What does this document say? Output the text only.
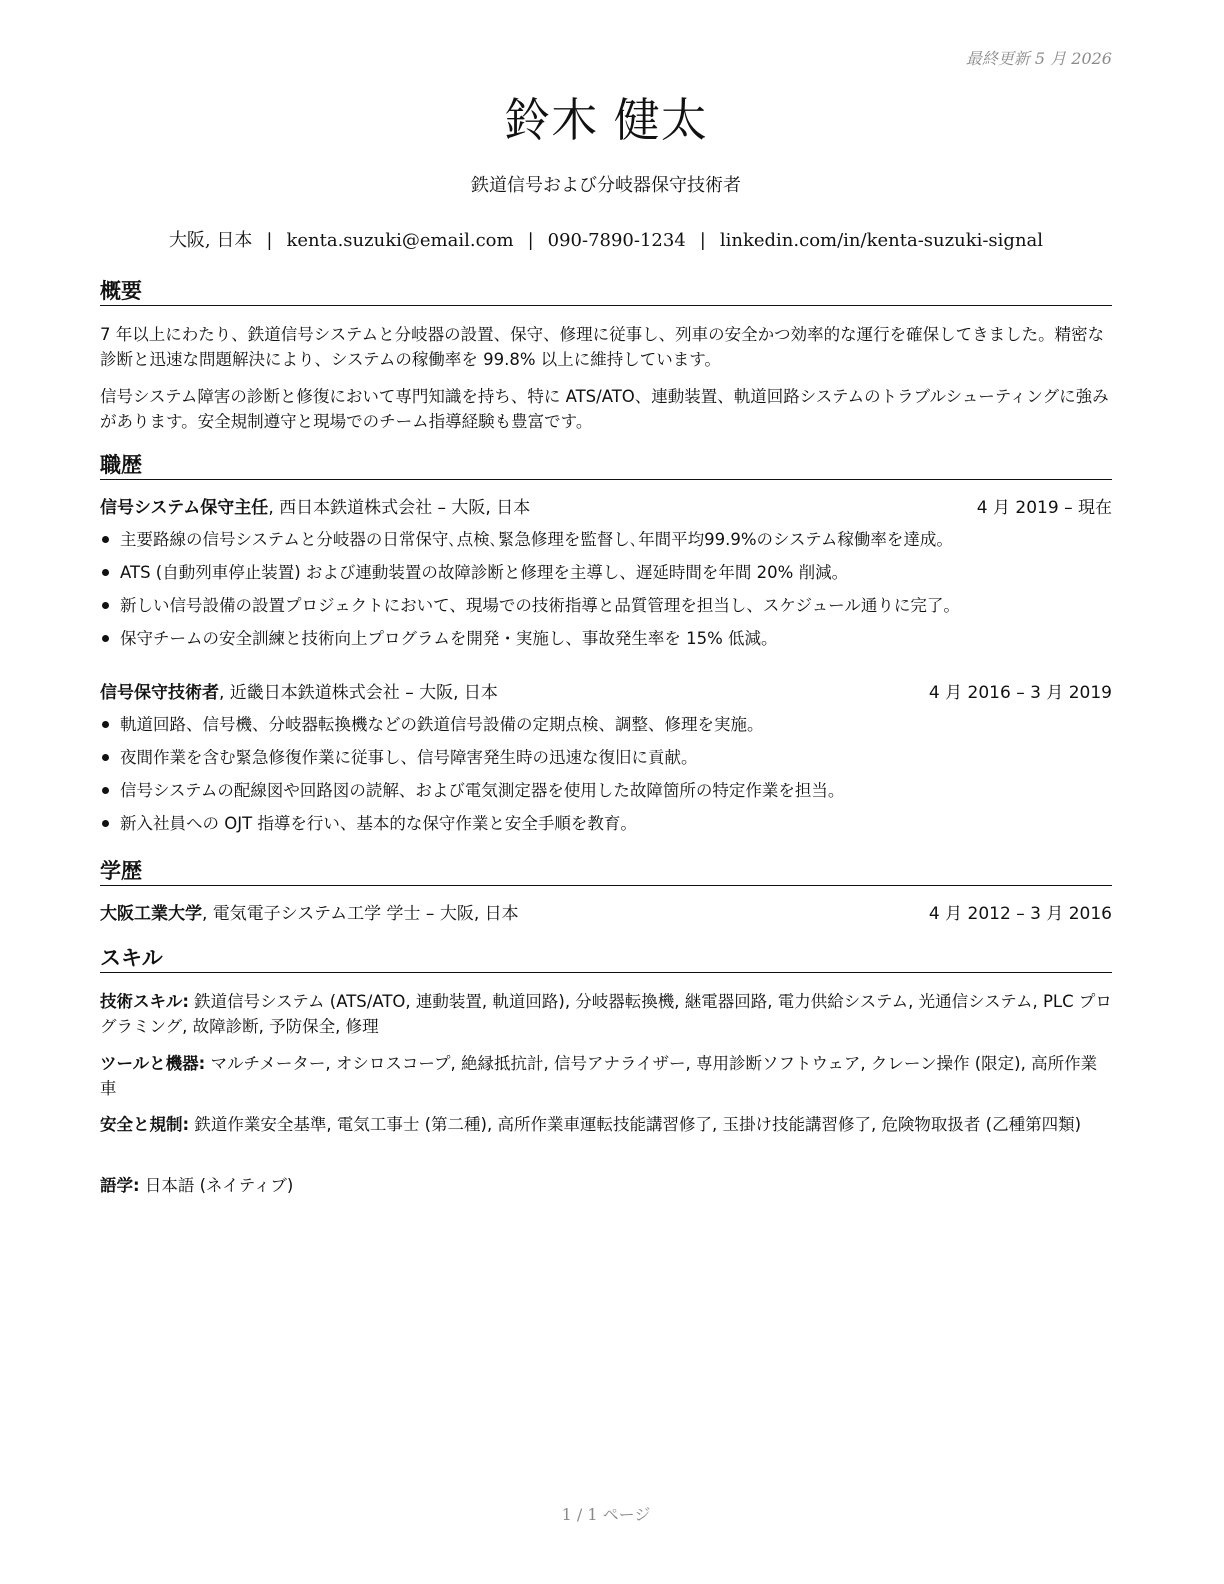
最終更新 5 月 2026
鈴木 健太
鉄道信号および分岐器保守技術者
大阪, 日本 | kenta.suzuki@email.com | 090-7890-1234 | linkedin.com/in/kenta-suzuki-signal
概要
7 年以上にわたり、鉄道信号システムと分岐器の設置、保守、修理に従事し、列車の安全かつ効率的な運行を確保してきました。精密な診断と迅速な問題解決により、システムの稼働率を 99.8% 以上に維持しています。
信号システム障害の診断と修復において専門知識を持ち、特に ATS/ATO、連動装置、軌道回路システムのトラブルシューティングに強みがあります。安全規制遵守と現場でのチーム指導経験も豊富です。
職歴
信号システム保守主任, 西日本鉄道株式会社 – 大阪, 日本	4 月 2019 – 現在
主要路線の信号システムと分岐器の日常保守､点検､緊急修理を監督し､年間平均99.9%のシステム稼働率を達成｡
ATS (自動列車停止装置) および連動装置の故障診断と修理を主導し、遅延時間を年間 20% 削減。
新しい信号設備の設置プロジェクトにおいて、現場での技術指導と品質管理を担当し、スケジュール通りに完了。
保守チームの安全訓練と技術向上プログラムを開発・実施し、事故発生率を 15% 低減。
信号保守技術者, 近畿日本鉄道株式会社 – 大阪, 日本	4 月 2016 – 3 月 2019
軌道回路、信号機、分岐器転換機などの鉄道信号設備の定期点検、調整、修理を実施。
夜間作業を含む緊急修復作業に従事し、信号障害発生時の迅速な復旧に貢献。
信号システムの配線図や回路図の読解、および電気測定器を使用した故障箇所の特定作業を担当。
新入社員への OJT 指導を行い、基本的な保守作業と安全手順を教育。
学歴
大阪工業大学, 電気電子システム工学 学士 – 大阪, 日本	4 月 2012 – 3 月 2016
スキル
技術スキル: 鉄道信号システム (ATS/ATO, 連動装置, 軌道回路), 分岐器転換機, 継電器回路, 電力供給システム, 光通信システム, PLC プログラミング, 故障診断, 予防保全, 修理
ツールと機器: マルチメーター, オシロスコープ, 絶縁抵抗計, 信号アナライザー, 専用診断ソフトウェア, クレーン操作 (限定), 高所作業車
安全と規制: 鉄道作業安全基準, 電気工事士 (第二種), 高所作業車運転技能講習修了, 玉掛け技能講習修了, 危険物取扱者 (乙種第四類)
語学: 日本語 (ネイティブ)
1 / 1 ページ
